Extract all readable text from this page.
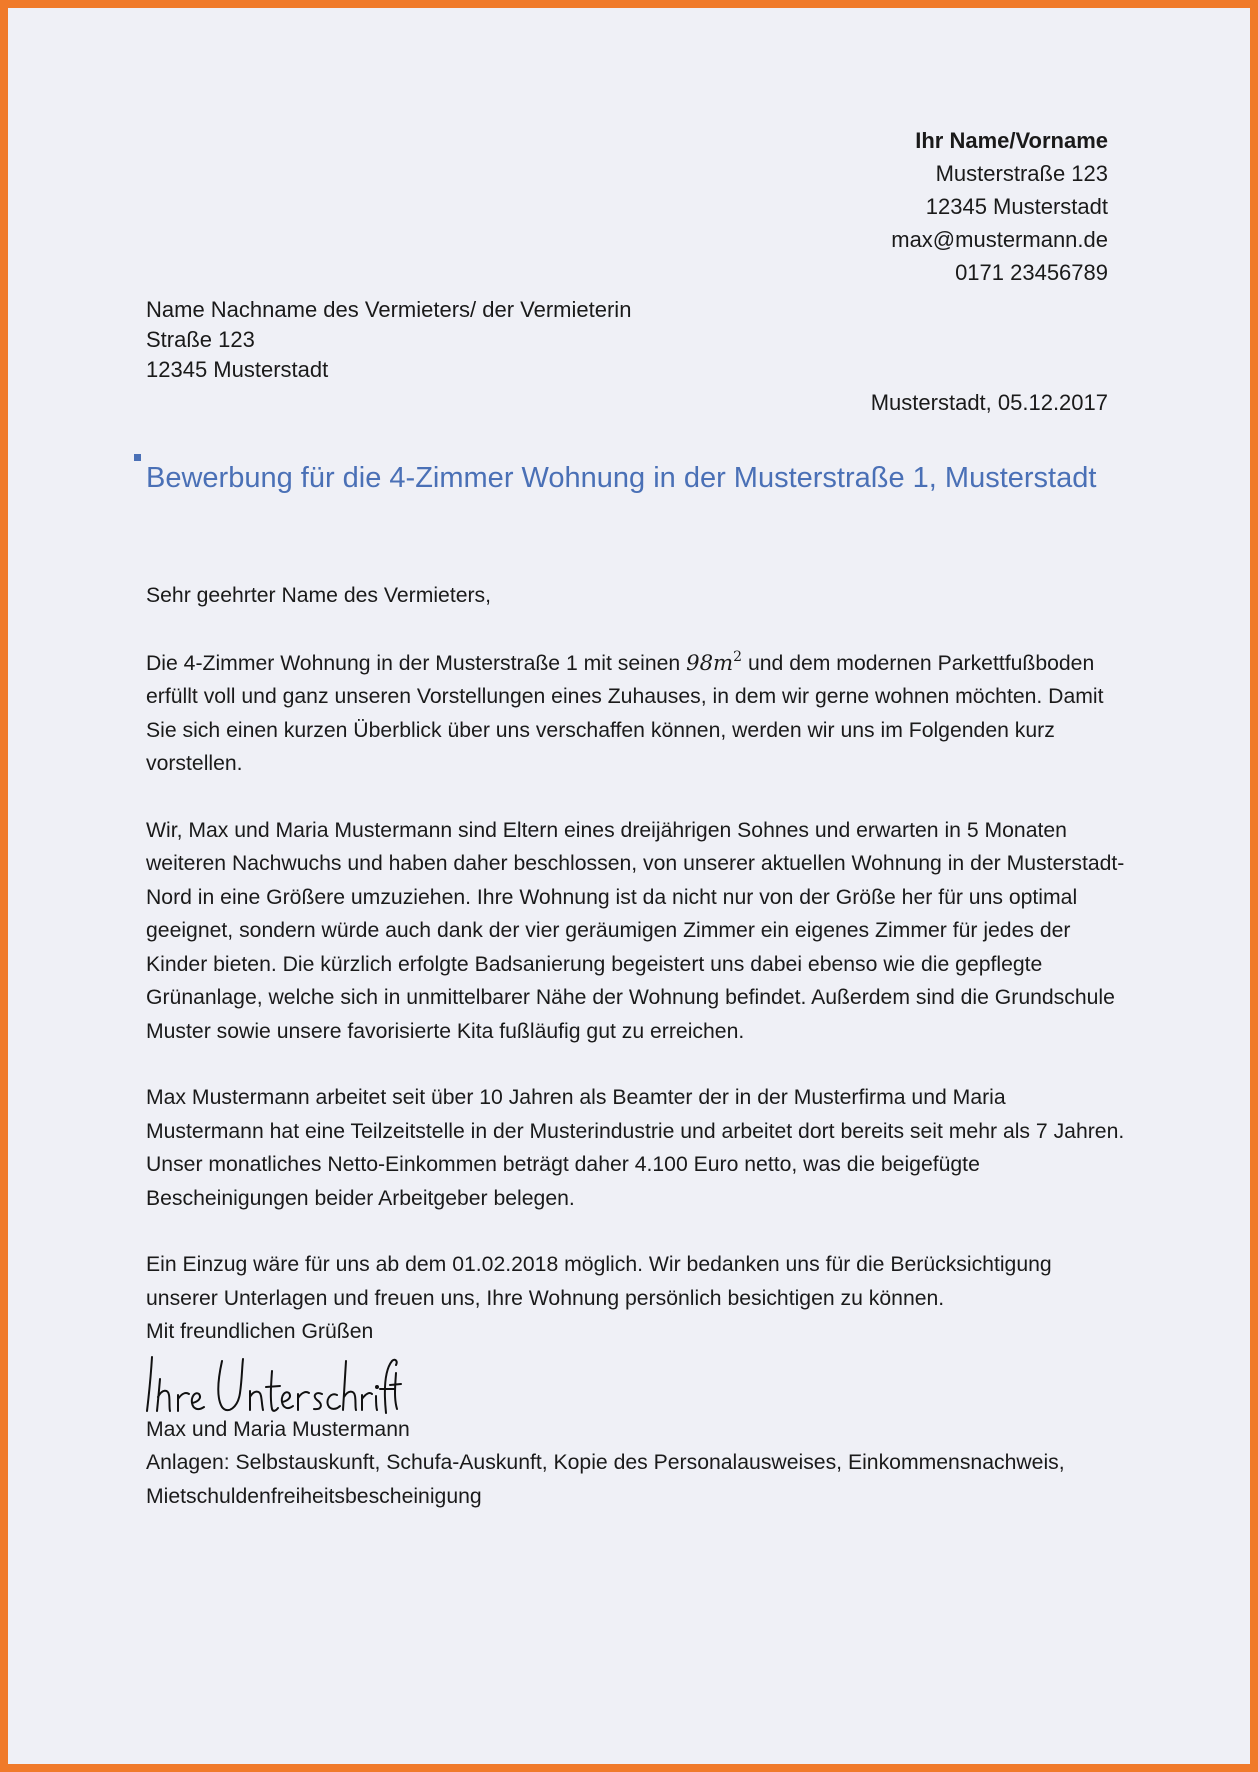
Ihr Name/Vorname
Musterstraße 123
12345 Musterstadt
max@mustermann.de
0171 23456789
Name Nachname des Vermieters/ der Vermieterin
Straße 123
12345 Musterstadt
Musterstadt, 05.12.2017
Bewerbung für die 4-Zimmer Wohnung in der Musterstraße 1, Musterstadt

Sehr geehrter Name des Vermieters,

Die 4-Zimmer Wohnung in der Musterstraße 1 mit seinen $98m^2$ und dem modernen Parkettfußboden erfüllt voll und ganz unseren Vorstellungen eines Zuhauses, in dem wir gerne wohnen möchten. Damit Sie sich einen kurzen Überblick über uns verschaffen können, werden wir uns im Folgenden kurz vorstellen.

Wir, Max und Maria Mustermann sind Eltern eines dreijährigen Sohnes und erwarten in 5 Monaten weiteren Nachwuchs und haben daher beschlossen, von unserer aktuellen Wohnung in der Musterstadt-Nord in eine Größere umzuziehen. Ihre Wohnung ist da nicht nur von der Größe her für uns optimal geeignet, sondern würde auch dank der vier geräumigen Zimmer ein eigenes Zimmer für jedes der Kinder bieten. Die kürzlich erfolgte Badsanierung begeistert uns dabei ebenso wie die gepflegte Grünanlage, welche sich in unmittelbarer Nähe der Wohnung befindet. Außerdem sind die Grundschule Muster sowie unsere favorisierte Kita fußläufig gut zu erreichen.

Max Mustermann arbeitet seit über 10 Jahren als Beamter der in der Musterfirma und Maria Mustermann hat eine Teilzeitstelle in der Musterindustrie und arbeitet dort bereits seit mehr als 7 Jahren. Unser monatliches Netto-Einkommen beträgt daher 4.100 Euro netto, was die beigefügte Bescheinigungen beider Arbeitgeber belegen.

Ein Einzug wäre für uns ab dem 01.02.2018 möglich. Wir bedanken uns für die Berücksichtigung unserer Unterlagen und freuen uns, Ihre Wohnung persönlich besichtigen zu können.

Mit freundlichen Grüßen

Max und Maria Mustermann

Anlagen: Selbstauskunft, Schufa-Auskunft, Kopie des Personalausweises, Einkommensnachweis, Mietschuldenfreiheitsbescheinigung
